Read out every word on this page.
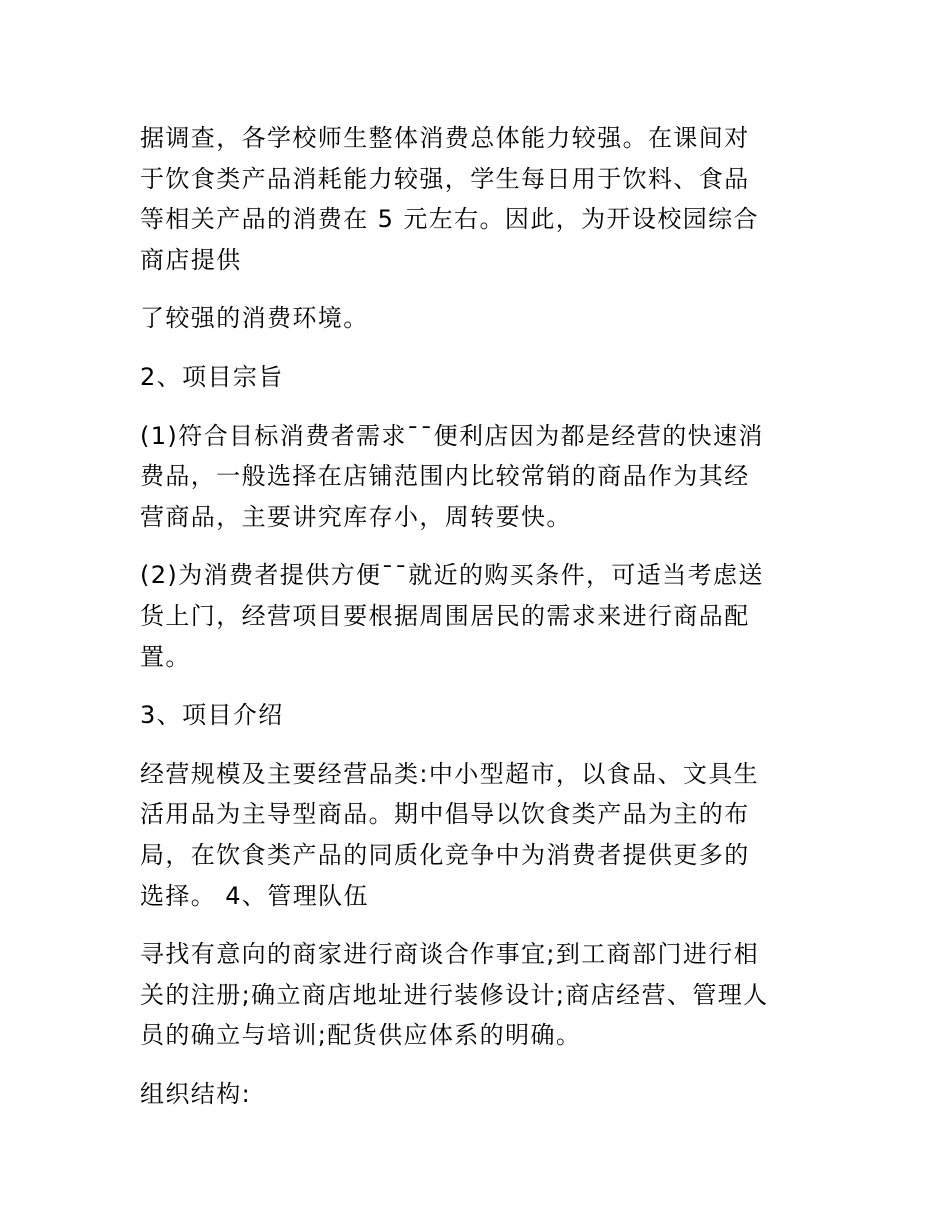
据调查，各学校师生整体消费总体能力较强。在课间对
于饮食类产品消耗能力较强，学生每日用于饮料、食品
等相关产品的消费在 5 元左右。因此，为开设校园综合
商店提供

了较强的消费环境。

2、项目宗旨

(1)符合目标消费者需求¯¯便利店因为都是经营的快速消
费品，一般选择在店铺范围内比较常销的商品作为其经
营商品，主要讲究库存小，周转要快。

(2)为消费者提供方便¯¯就近的购买条件，可适当考虑送
货上门，经营项目要根据周围居民的需求来进行商品配
置。

3、项目介绍

经营规模及主要经营品类:中小型超市，以食品、文具生
活用品为主导型商品。期中倡导以饮食类产品为主的布
局，在饮食类产品的同质化竞争中为消费者提供更多的
选择。 4、管理队伍

寻找有意向的商家进行商谈合作事宜;到工商部门进行相
关的注册;确立商店地址进行装修设计;商店经营、管理人
员的确立与培训;配货供应体系的明确。

组织结构:
